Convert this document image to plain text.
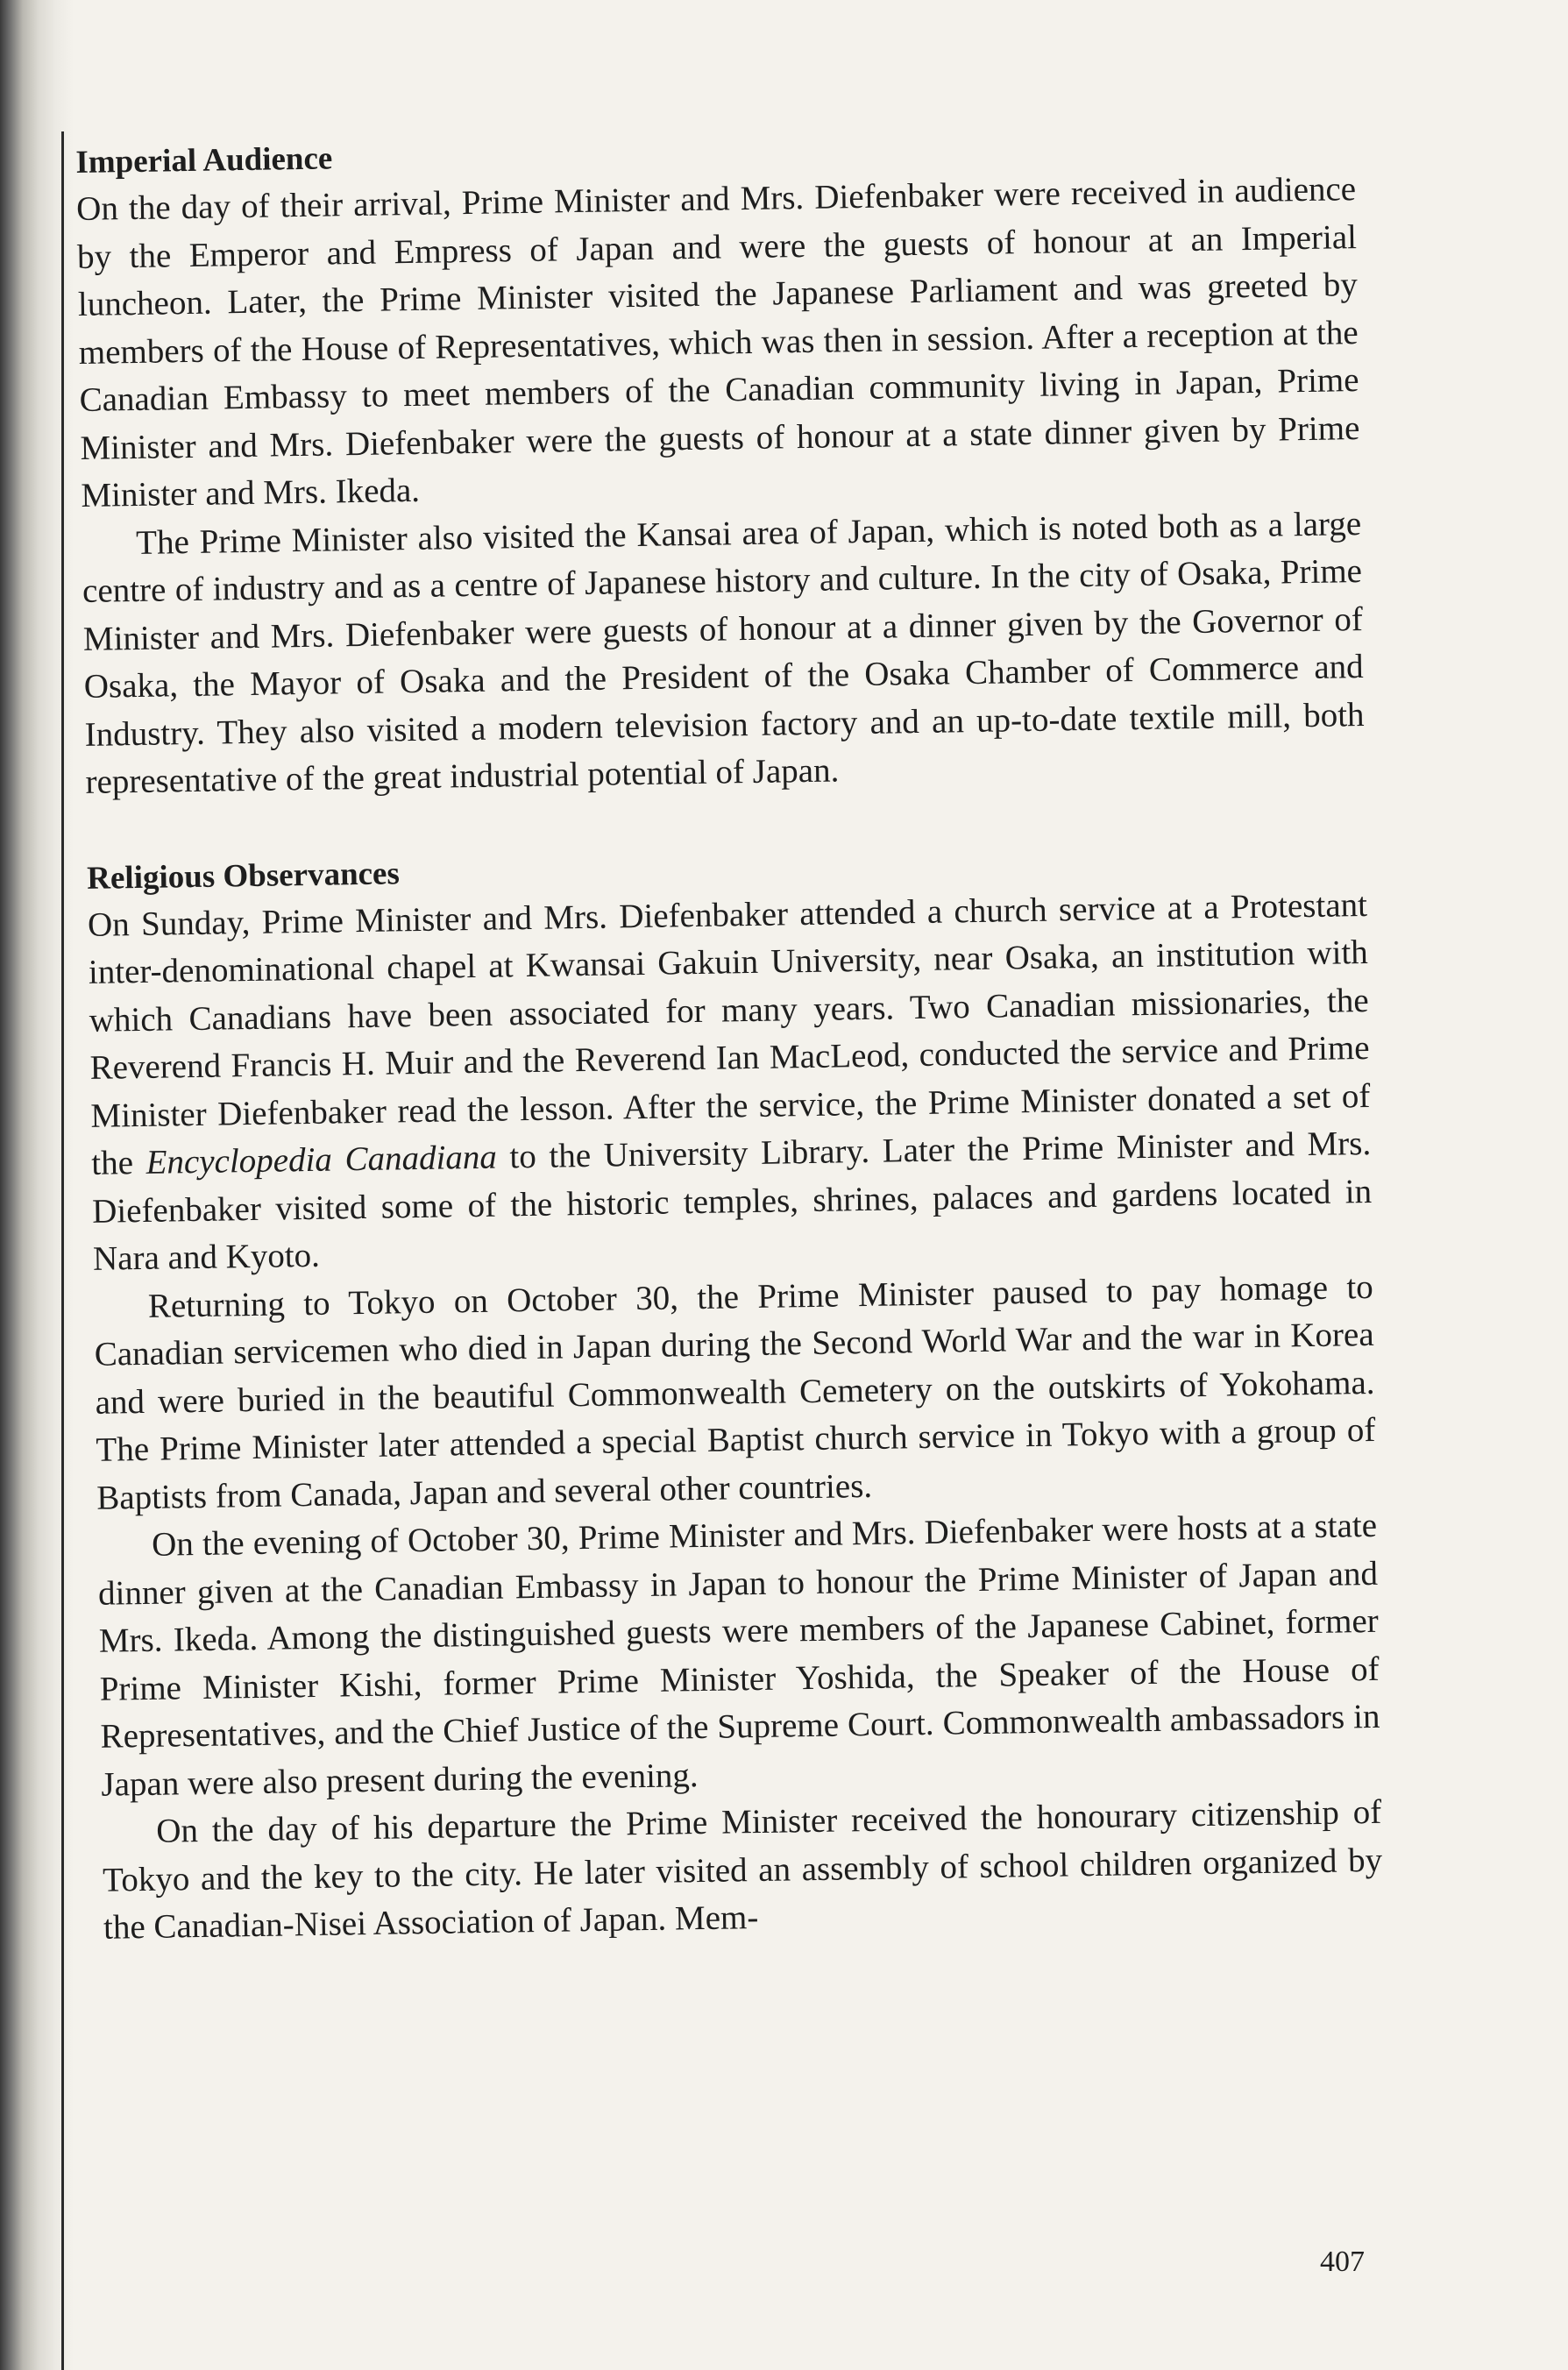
Imperial Audience

On the day of their arrival, Prime Minister and Mrs. Diefenbaker were received in audience by the Emperor and Empress of Japan and were the guests of honour at an Imperial luncheon. Later, the Prime Minister visited the Japanese Parliament and was greeted by members of the House of Representatives, which was then in session. After a reception at the Canadian Embassy to meet members of the Canadian community living in Japan, Prime Minister and Mrs. Diefenbaker were the guests of honour at a state dinner given by Prime Minister and Mrs. Ikeda.

The Prime Minister also visited the Kansai area of Japan, which is noted both as a large centre of industry and as a centre of Japanese history and culture. In the city of Osaka, Prime Minister and Mrs. Diefenbaker were guests of honour at a dinner given by the Governor of Osaka, the Mayor of Osaka and the President of the Osaka Chamber of Commerce and Industry. They also visited a modern television factory and an up-to-date textile mill, both representative of the great industrial potential of Japan.

Religious Observances

On Sunday, Prime Minister and Mrs. Diefenbaker attended a church service at a Protestant inter-denominational chapel at Kwansai Gakuin University, near Osaka, an institution with which Canadians have been associated for many years. Two Canadian missionaries, the Reverend Francis H. Muir and the Reverend Ian MacLeod, conducted the service and Prime Minister Diefenbaker read the lesson. After the service, the Prime Minister donated a set of the Encyclopedia Canadiana to the University Library. Later the Prime Minister and Mrs. Diefenbaker visited some of the historic temples, shrines, palaces and gardens located in Nara and Kyoto.

Returning to Tokyo on October 30, the Prime Minister paused to pay homage to Canadian servicemen who died in Japan during the Second World War and the war in Korea and were buried in the beautiful Commonwealth Cemetery on the outskirts of Yokohama. The Prime Minister later attended a special Baptist church service in Tokyo with a group of Baptists from Canada, Japan and several other countries.

On the evening of October 30, Prime Minister and Mrs. Diefenbaker were hosts at a state dinner given at the Canadian Embassy in Japan to honour the Prime Minister of Japan and Mrs. Ikeda. Among the distinguished guests were members of the Japanese Cabinet, former Prime Minister Kishi, former Prime Minister Yoshida, the Speaker of the House of Representatives, and the Chief Justice of the Supreme Court. Commonwealth ambassadors in Japan were also present during the evening.

On the day of his departure the Prime Minister received the honourary citizenship of Tokyo and the key to the city. He later visited an assembly of school children organized by the Canadian-Nisei Association of Japan. Mem-

407
